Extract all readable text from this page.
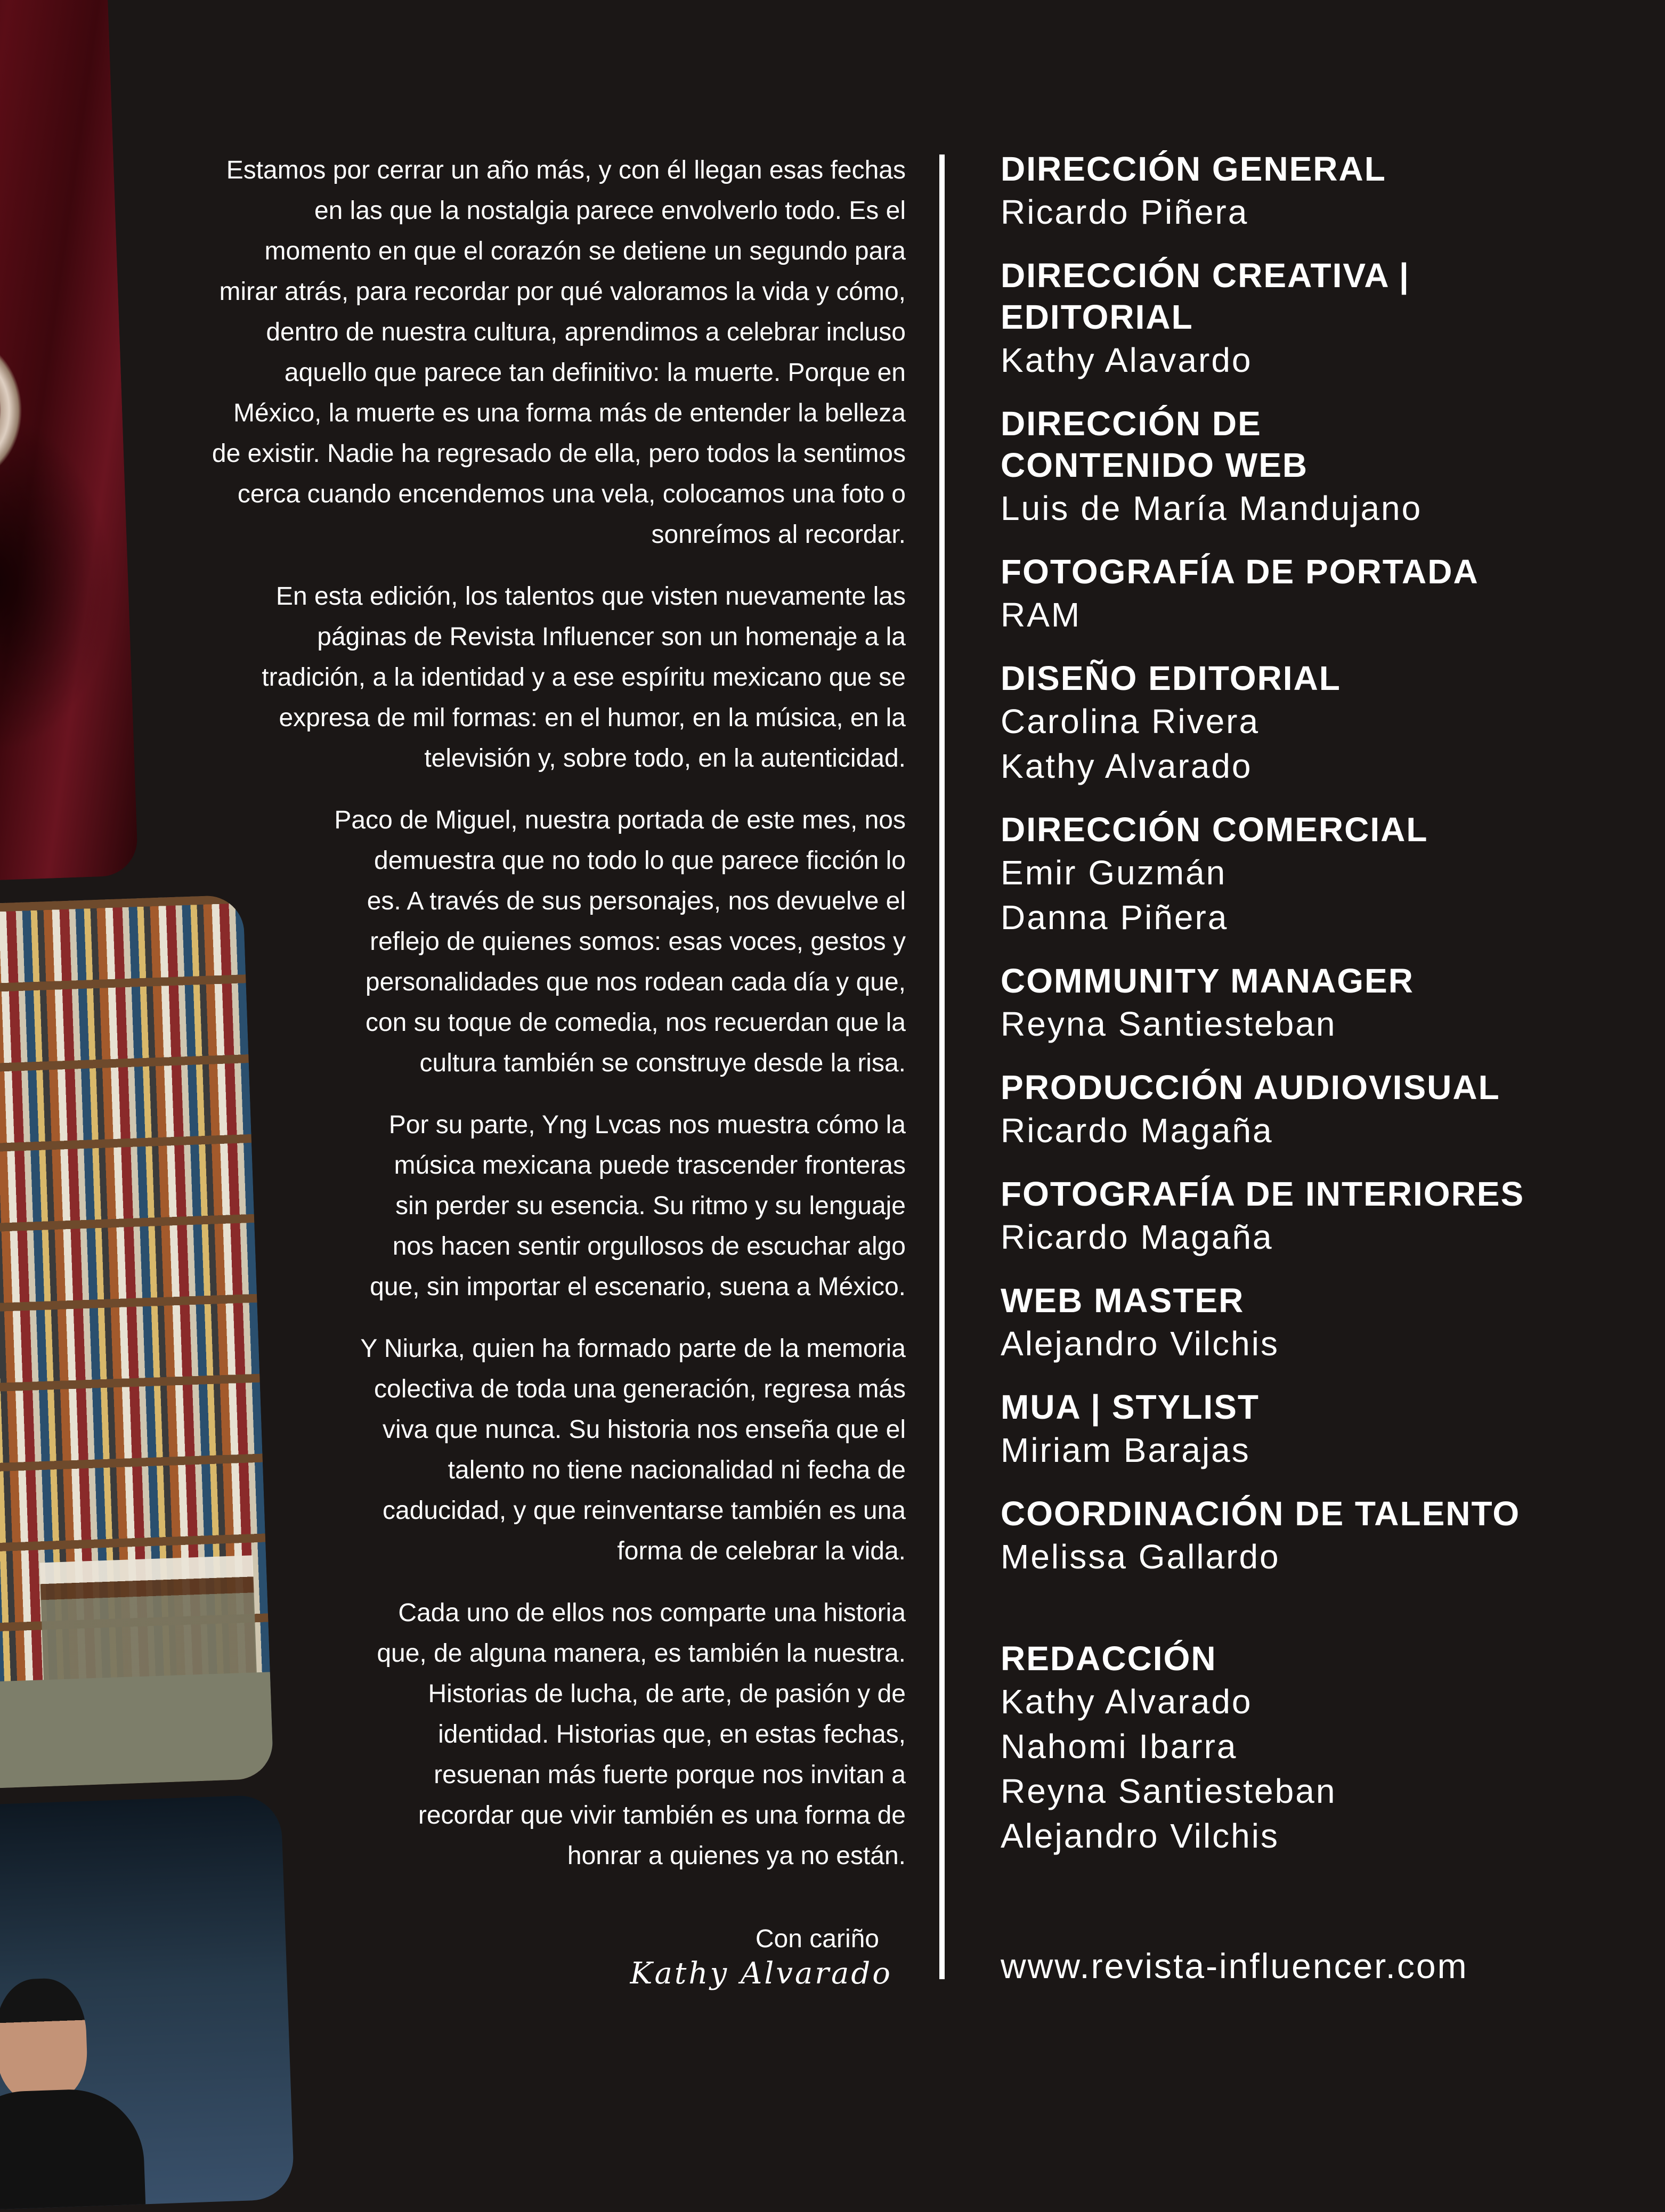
Estamos por cerrar un año más, y con él llegan esas fechas
en las que la nostalgia parece envolverlo todo. Es el
momento en que el corazón se detiene un segundo para
mirar atrás, para recordar por qué valoramos la vida y cómo,
dentro de nuestra cultura, aprendimos a celebrar incluso
aquello que parece tan definitivo: la muerte. Porque en
México, la muerte es una forma más de entender la belleza
de existir. Nadie ha regresado de ella, pero todos la sentimos
cerca cuando encendemos una vela, colocamos una foto o
sonreímos al recordar.

En esta edición, los talentos que visten nuevamente las
páginas de Revista Influencer son un homenaje a la
tradición, a la identidad y a ese espíritu mexicano que se
expresa de mil formas: en el humor, en la música, en la
televisión y, sobre todo, en la autenticidad.

Paco de Miguel, nuestra portada de este mes, nos
demuestra que no todo lo que parece ficción lo
es. A través de sus personajes, nos devuelve el
reflejo de quienes somos: esas voces, gestos y
personalidades que nos rodean cada día y que,
con su toque de comedia, nos recuerdan que la
cultura también se construye desde la risa.

Por su parte, Yng Lvcas nos muestra cómo la
música mexicana puede trascender fronteras
sin perder su esencia. Su ritmo y su lenguaje
nos hacen sentir orgullosos de escuchar algo
que, sin importar el escenario, suena a México.

Y Niurka, quien ha formado parte de la memoria
colectiva de toda una generación, regresa más
viva que nunca. Su historia nos enseña que el
talento no tiene nacionalidad ni fecha de
caducidad, y que reinventarse también es una
forma de celebrar la vida.

Cada uno de ellos nos comparte una historia
que, de alguna manera, es también la nuestra.
Historias de lucha, de arte, de pasión y de
identidad. Historias que, en estas fechas,
resuenan más fuerte porque nos invitan a
recordar que vivir también es una forma de
honrar a quienes ya no están.

Con cariño
Kathy Alvarado
DIRECCIÓN GENERAL
Ricardo Piñera
DIRECCIÓN CREATIVA |
EDITORIAL
Kathy Alavardo
DIRECCIÓN DE
CONTENIDO WEB
Luis de María Mandujano
FOTOGRAFÍA DE PORTADA
RAM
DISEÑO EDITORIAL
Carolina Rivera
Kathy Alvarado
DIRECCIÓN COMERCIAL
Emir Guzmán
Danna Piñera
COMMUNITY MANAGER
Reyna Santiesteban
PRODUCCIÓN AUDIOVISUAL
Ricardo Magaña
FOTOGRAFÍA DE INTERIORES
Ricardo Magaña
WEB MASTER
Alejandro Vilchis
MUA | STYLIST
Miriam Barajas
COORDINACIÓN DE TALENTO
Melissa Gallardo
REDACCIÓN
Kathy Alvarado
Nahomi Ibarra
Reyna Santiesteban
Alejandro Vilchis
www.revista-influencer.com
